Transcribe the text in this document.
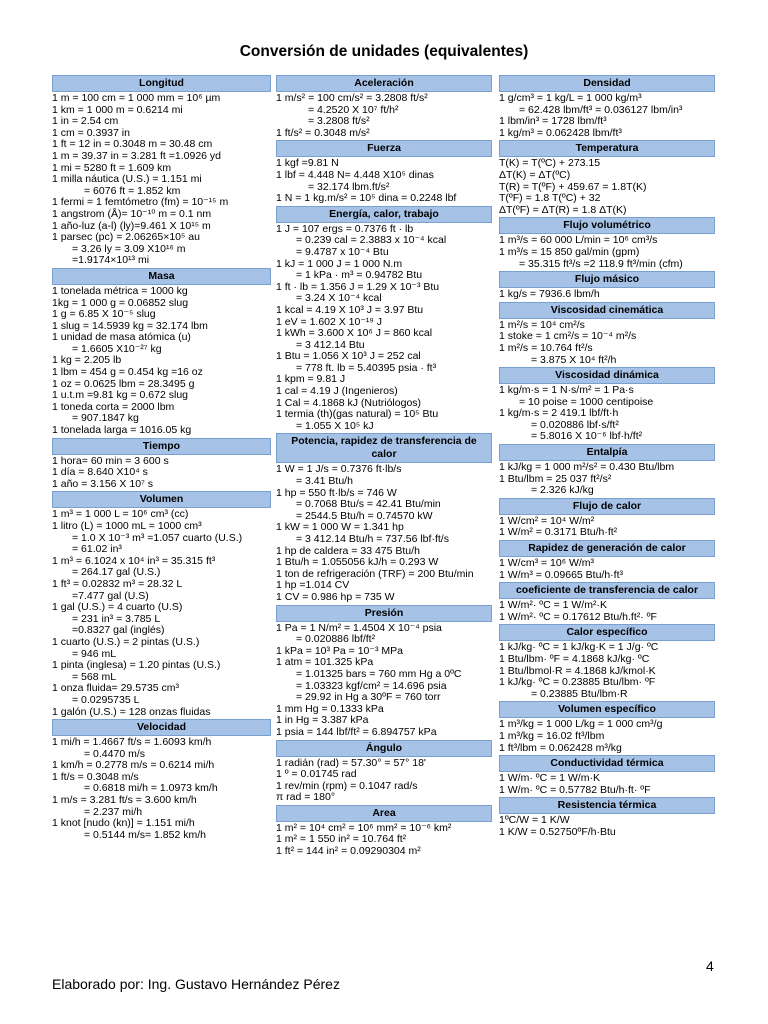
Conversión de unidades (equivalentes)
Longitud
1 m = 100 cm = 1 000 mm = 10⁶ µm
1 km = 1 000 m = 0.6214 mi
1 in = 2.54 cm
1 cm = 0.3937 in
1 ft = 12 in = 0.3048 m = 30.48 cm
1 m = 39.37 in = 3.281 ft =1.0926 yd
1 mi = 5280 ft = 1.609 km
1 milla náutica (U.S.) = 1.151 mi
= 6076 ft = 1.852 km
1 fermi = 1 femtómetro (fm) = 10⁻¹⁵ m
1 angstrom (Å)= 10⁻¹⁰ m = 0.1 nm
1 año-luz (a-l) (ly)=9.461 X 10¹⁵ m
1 parsec (pc) = 2.06265×10⁵ au
= 3.26 ly = 3.09 X10¹⁶ m
=1.9174×10¹³ mi
Masa
1 tonelada métrica = 1000 kg
1kg = 1 000 g = 0.06852 slug
1 g = 6.85 X 10⁻⁵ slug
1 slug = 14.5939 kg = 32.174 lbm
1 unidad de masa atómica (u)
= 1.6605 X10⁻²⁷ kg
1 kg = 2.205 lb
1 lbm = 454 g = 0.454 kg =16 oz
1 oz = 0.0625 lbm = 28.3495 g
1 u.t.m =9.81 kg = 0.672 slug
1 toneda corta = 2000 lbm
= 907.1847 kg
1 tonelada larga = 1016.05 kg
Tiempo
1 hora= 60 min = 3 600 s
1 día = 8.640 X10⁴ s
1 año = 3.156 X 10⁷ s
Volumen
1 m³ = 1 000 L = 10⁶ cm³ (cc)
1 litro (L) = 1000 mL = 1000 cm³
= 1.0 X 10⁻³ m³ =1.057 cuarto (U.S.)
= 61.02 in³
1 m³ = 6.1024 x 10⁴ in³ = 35.315 ft³
= 264.17 gal (U.S.)
1 ft³ = 0.02832 m³ = 28.32 L
=7.477 gal (U.S)
1 gal (U.S.) = 4 cuarto (U.S)
= 231 in³ = 3.785 L
=0.8327 gal (inglés)
1 cuarto (U.S.) = 2 pintas (U.S.)
= 946 mL
1 pinta (inglesa) = 1.20 pintas (U.S.)
= 568 mL
1 onza fluida= 29.5735 cm³
= 0.0295735 L
1 galón (U.S.) = 128 onzas fluidas
Velocidad
1 mi/h = 1.4667 ft/s = 1.6093 km/h
= 0.4470 m/s
1 km/h = 0.2778 m/s = 0.6214 mi/h
1 ft/s = 0.3048 m/s
= 0.6818 mi/h = 1.0973 km/h
1 m/s = 3.281 ft/s = 3.600 km/h
= 2.237 mi/h
1 knot [nudo (kn)] = 1.151 mi/h
= 0.5144 m/s= 1.852 km/h
Aceleración
1 m/s² = 100 cm/s² = 3.2808 ft/s²
= 4.2520 X 10⁷ ft/h²
= 3.2808 ft/s²
1 ft/s² = 0.3048 m/s²
Fuerza
1 kgf =9.81 N
1 lbf = 4.448 N= 4.448 X10⁵ dinas
= 32.174 lbm.ft/s²
1 N = 1 kg.m/s² = 10⁵ dina = 0.2248 lbf
Energía, calor, trabajo
1 J = 107 ergs = 0.7376 ft · lb
= 0.239 cal = 2.3883 x 10⁻⁴ kcal
= 9.4787 x 10⁻⁴ Btu
1 kJ = 1 000 J = 1 000 N.m
= 1 kPa · m³ = 0.94782 Btu
1 ft · lb = 1.356 J = 1.29 X 10⁻³ Btu
= 3.24 X 10⁻⁴ kcal
1 kcal = 4.19 X 10³ J = 3.97 Btu
1 eV = 1.602 X 10⁻¹⁹ J
1 kWh = 3.600 X 10⁶ J = 860 kcal
= 3 412.14 Btu
1 Btu = 1.056 X 10³ J = 252 cal
= 778 ft. lb = 5.40395 psia · ft³
1 kpm = 9.81 J
1 cal = 4.19 J (Ingenieros)
1 Cal = 4.1868 kJ (Nutriólogos)
1 termia (th)(gas natural) = 10⁵ Btu
= 1.055 X 10⁵ kJ
Potencia, rapidez de transferencia de calor
1 W = 1 J/s = 0.7376 ft·lb/s
= 3.41 Btu/h
1 hp = 550 ft·lb/s = 746 W
= 0.7068 Btu/s = 42.41 Btu/min
= 2544.5 Btu/h = 0.74570 kW
1 kW = 1 000 W = 1.341 hp
= 3 412.14 Btu/h = 737.56 lbf·ft/s
1 hp de caldera = 33 475 Btu/h
1 Btu/h = 1.055056 kJ/h = 0.293 W
1 ton de refrigeración (TRF) = 200 Btu/min
1 hp =1.014 CV
1 CV = 0.986 hp = 735 W
Presión
1 Pa = 1 N/m² = 1.4504 X 10⁻⁴ psia
= 0.020886 lbf/ft²
1 kPa = 10³ Pa = 10⁻³ MPa
1 atm = 101.325 kPa
= 1.01325 bars = 760 mm Hg a 0ºC
= 1.03323 kgf/cm² = 14.696 psia
= 29.92 in Hg a 30ºF = 760 torr
1 mm Hg = 0.1333 kPa
1 in Hg = 3.387 kPa
1 psia = 144 lbf/ft² = 6.894757 kPa
Ángulo
1 radián (rad) = 57.30° = 57° 18'
1 º = 0.01745 rad
1 rev/min (rpm) = 0.1047 rad/s
π rad = 180°
Area
1 m² = 10⁴ cm² = 10⁶ mm² = 10⁻⁶ km²
1 m² = 1 550 in² = 10.764 ft²
1 ft² = 144 in² = 0.09290304 m²
Densidad
1 g/cm³ = 1 kg/L = 1 000 kg/m³
= 62.428 lbm/ft³ = 0.036127 lbm/in³
1 lbm/in³ = 1728 lbm/ft³
1 kg/m³ = 0.062428 lbm/ft³
Temperatura
T(K) = T(ºC) + 273.15
ΔT(K) = ΔT(ºC)
T(R) = T(ºF) + 459.67 = 1.8T(K)
T(ºF) = 1.8 T(ºC) + 32
ΔT(ºF) = ΔT(R) = 1.8 ΔT(K)
Flujo volumétrico
1 m³/s = 60 000 L/min = 10⁶ cm³/s
1 m³/s = 15 850 gal/min (gpm)
= 35.315 ft³/s =2 118.9 ft³/min (cfm)
Flujo másico
1 kg/s = 7936.6 lbm/h
Viscosidad cinemática
1 m²/s = 10⁴ cm²/s
1 stoke = 1 cm²/s = 10⁻⁴ m²/s
1 m²/s = 10.764 ft²/s
= 3.875 X 10⁴ ft²/h
Viscosidad dinámica
1 kg/m·s = 1 N·s/m² = 1 Pa·s
= 10 poise = 1000 centipoise
1 kg/m·s = 2 419.1 lbf/ft·h
= 0.020886 lbf·s/ft²
= 5.8016 X 10⁻⁶ lbf·h/ft²
Entalpía
1 kJ/kg = 1 000 m²/s² = 0.430 Btu/lbm
1 Btu/lbm = 25 037 ft²/s²
= 2.326 kJ/kg
Flujo de calor
1 W/cm² = 10⁴ W/m²
1 W/m² = 0.3171 Btu/h·ft²
Rapidez de generación de calor
1 W/cm³ = 10⁶ W/m³
1 W/m³ = 0.09665 Btu/h·ft³
coeficiente de transferencia de calor
1 W/m²· ºC = 1 W/m²·K
1 W/m²· ºC = 0.17612 Btu/h.ft²· ºF
Calor específico
1 kJ/kg· ºC = 1 kJ/kg·K = 1 J/g· ºC
1 Btu/lbm· ºF = 4.1868 kJ/kg· ºC
1 Btu/lbmol·R = 4.1868 kJ/kmol·K
1 kJ/kg· ºC = 0.23885 Btu/lbm· ºF
= 0.23885 Btu/lbm·R
Volumen específico
1 m³/kg = 1 000 L/kg = 1 000 cm³/g
1 m³/kg = 16.02 ft³/lbm
1 ft³/lbm = 0.062428 m³/kg
Conductividad térmica
1 W/m· ºC = 1 W/m·K
1 W/m· ºC = 0.57782 Btu/h·ft· ºF
Resistencia térmica
1ºC/W = 1 K/W
1 K/W = 0.52750ºF/h·Btu
4
Elaborado por: Ing. Gustavo Hernández Pérez
